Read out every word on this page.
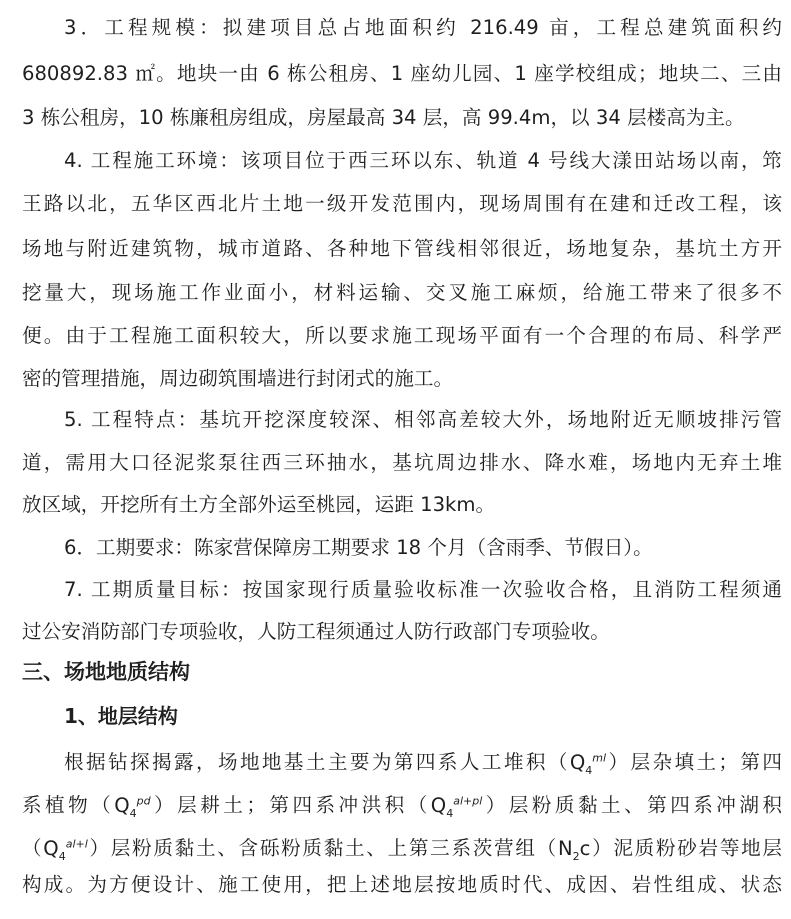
3．工程规模：拟建项目总占地面积约 216.49 亩，工程总建筑面积约
680892.83 ㎡。地块一由 6 栋公租房、1 座幼儿园、1 座学校组成；地块二、三由
3 栋公租房，10 栋廉租房组成，房屋最高 34 层，高 99.4m，以 34 层楼高为主。
4. 工程施工环境：该项目位于西三环以东、轨道 4 号线大漾田站场以南，筇
王路以北，五华区西北片土地一级开发范围内，现场周围有在建和迁改工程，该
场地与附近建筑物，城市道路、各种地下管线相邻很近，场地复杂，基坑土方开
挖量大，现场施工作业面小，材料运输、交叉施工麻烦，给施工带来了很多不
便。由于工程施工面积较大，所以要求施工现场平面有一个合理的布局、科学严
密的管理措施，周边砌筑围墙进行封闭式的施工。
5. 工程特点：基坑开挖深度较深、相邻高差较大外，场地附近无顺坡排污管
道，需用大口径泥浆泵往西三环抽水，基坑周边排水、降水难，场地内无弃土堆
放区域，开挖所有土方全部外运至桃园，运距 13km。
6．工期要求：陈家营保障房工期要求 18 个月（含雨季、节假日）。
7. 工期质量目标：按国家现行质量验收标准一次验收合格，且消防工程须通
过公安消防部门专项验收，人防工程须通过人防行政部门专项验收。
三、场地地质结构
1、地层结构
根据钻探揭露，场地地基土主要为第四系人工堆积$(Q_4^{ml})$层杂填土；第四
系植物$(Q_4^{pd})$层耕土；第四系冲洪积$(Q_4^{al+pl})$层粉质黏土、第四系冲湖积
$(Q_4^{al+l})$层粉质黏土、含砾粉质黏土、上第三系茨营组$(N_2c)$泥质粉砂岩等地层
构成。为方便设计、施工使用，把上述地层按地质时代、成因、岩性组成、状态
